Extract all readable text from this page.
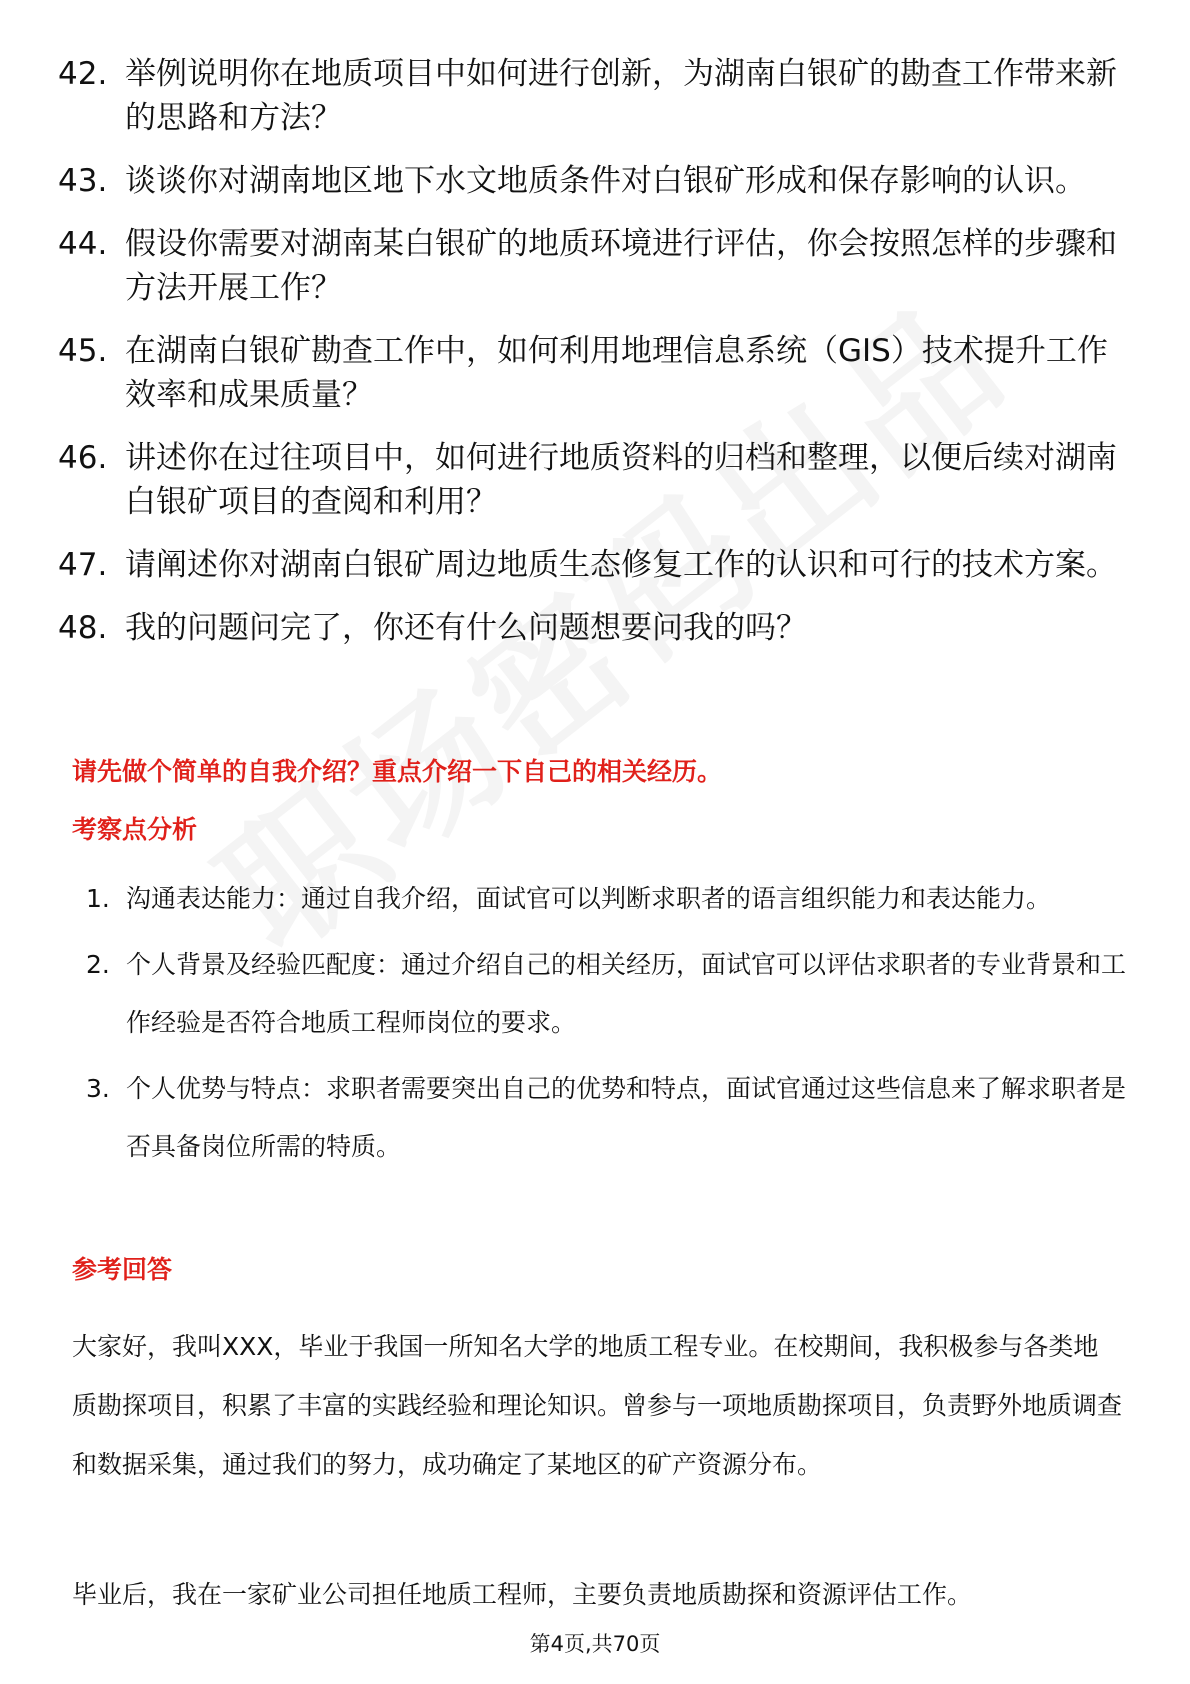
42. 举例说明你在地质项目中如何进行创新，为湖南白银矿的勘查工作带来新的思路和方法？
43. 谈谈你对湖南地区地下水文地质条件对白银矿形成和保存影响的认识。
44. 假设你需要对湖南某白银矿的地质环境进行评估，你会按照怎样的步骤和方法开展工作？
45. 在湖南白银矿勘查工作中，如何利用地理信息系统（GIS）技术提升工作效率和成果质量？
46. 讲述你在过往项目中，如何进行地质资料的归档和整理，以便后续对湖南白银矿项目的查阅和利用？
47. 请阐述你对湖南白银矿周边地质生态修复工作的认识和可行的技术方案。
48. 我的问题问完了，你还有什么问题想要问我的吗？
请先做个简单的自我介绍？重点介绍一下自己的相关经历。
考察点分析
1. 沟通表达能力：通过自我介绍，面试官可以判断求职者的语言组织能力和表达能力。
2. 个人背景及经验匹配度：通过介绍自己的相关经历，面试官可以评估求职者的专业背景和工作经验是否符合地质工程师岗位的要求。
3. 个人优势与特点：求职者需要突出自己的优势和特点，面试官通过这些信息来了解求职者是否具备岗位所需的特质。
参考回答

大家好，我叫XXX，毕业于我国一所知名大学的地质工程专业。在校期间，我积极参与各类地质勘探项目，积累了丰富的实践经验和理论知识。曾参与一项地质勘探项目，负责野外地质调查和数据采集，通过我们的努力，成功确定了某地区的矿产资源分布。

毕业后，我在一家矿业公司担任地质工程师，主要负责地质勘探和资源评估工作。

第4页,共70页
